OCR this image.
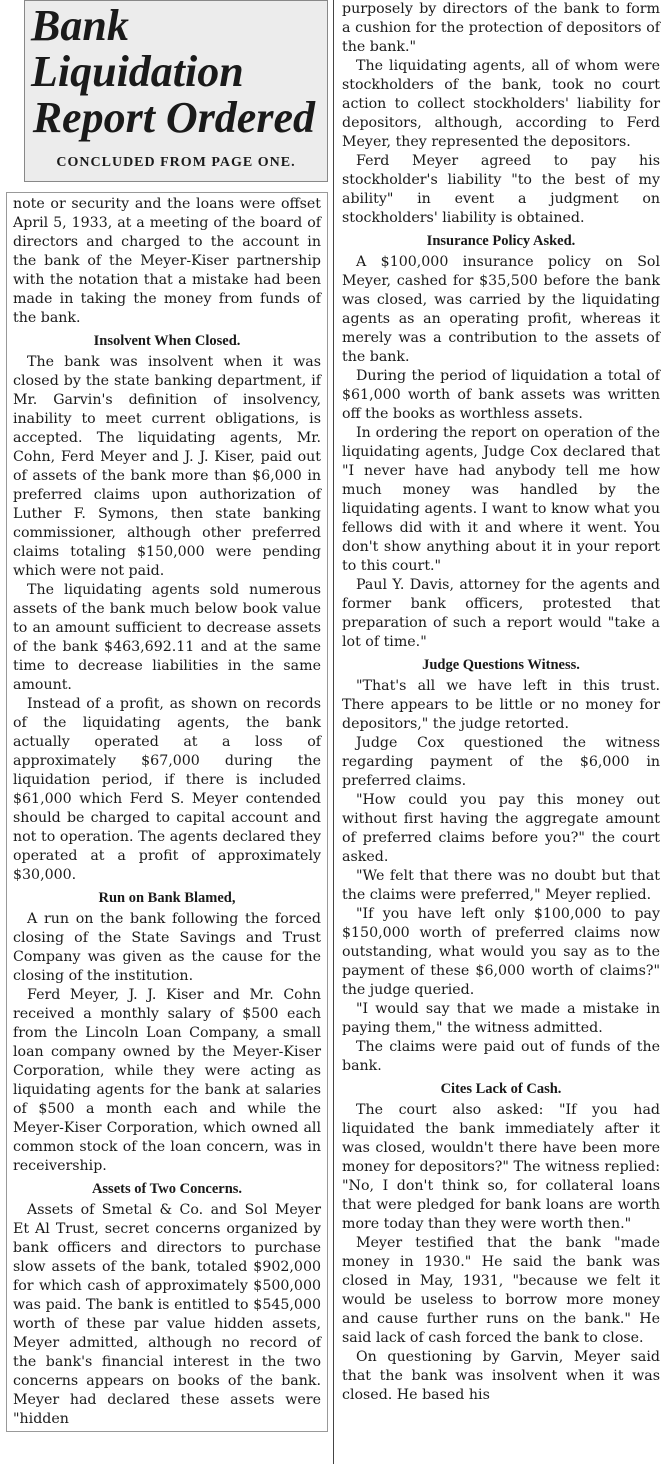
Bank Liquidation
Report Ordered
CONCLUDED FROM PAGE ONE.

note or security and the loans were offset April 5, 1933, at a meeting of the board of directors and charged to the account in the bank of the Meyer-Kiser partnership with the notation that a mistake had been made in taking the money from funds of the bank.

Insolvent When Closed.

The bank was insolvent when it was closed by the state banking department, if Mr. Garvin's definition of insolvency, inability to meet current obligations, is accepted. The liquidating agents, Mr. Cohn, Ferd Meyer and J. J. Kiser, paid out of assets of the bank more than $6,000 in preferred claims upon authorization of Luther F. Symons, then state banking commissioner, although other preferred claims totaling $150,000 were pending which were not paid.

The liquidating agents sold numerous assets of the bank much below book value to an amount sufficient to decrease assets of the bank $463,692.11 and at the same time to decrease liabilities in the same amount.

Instead of a profit, as shown on records of the liquidating agents, the bank actually operated at a loss of approximately $67,000 during the liquidation period, if there is included $61,000 which Ferd S. Meyer contended should be charged to capital account and not to operation. The agents declared they operated at a profit of approximately $30,000.

Run on Bank Blamed,

A run on the bank following the forced closing of the State Savings and Trust Company was given as the cause for the closing of the institution.

Ferd Meyer, J. J. Kiser and Mr. Cohn received a monthly salary of $500 each from the Lincoln Loan Company, a small loan company owned by the Meyer-Kiser Corporation, while they were acting as liquidating agents for the bank at salaries of $500 a month each and while the Meyer-Kiser Corporation, which owned all common stock of the loan concern, was in receivership.

Assets of Two Concerns.

Assets of Smetal & Co. and Sol Meyer Et Al Trust, secret concerns organized by bank officers and directors to purchase slow assets of the bank, totaled $902,000 for which cash of approximately $500,000 was paid. The bank is entitled to $545,000 worth of these par value hidden assets, Meyer admitted, although no record of the bank's financial interest in the two concerns appears on books of the bank. Meyer had declared these assets were "hidden

purposely by directors of the bank to form a cushion for the protection of depositors of the bank."

The liquidating agents, all of whom were stockholders of the bank, took no court action to collect stockholders' liability for depositors, although, according to Ferd Meyer, they represented the depositors.

Ferd Meyer agreed to pay his stockholder's liability "to the best of my ability" in event a judgment on stockholders' liability is obtained.

Insurance Policy Asked.

A $100,000 insurance policy on Sol Meyer, cashed for $35,500 before the bank was closed, was carried by the liquidating agents as an operating profit, whereas it merely was a contribution to the assets of the bank.

During the period of liquidation a total of $61,000 worth of bank assets was written off the books as worthless assets.

In ordering the report on operation of the liquidating agents, Judge Cox declared that "I never have had anybody tell me how much money was handled by the liquidating agents. I want to know what you fellows did with it and where it went. You don't show anything about it in your report to this court."

Paul Y. Davis, attorney for the agents and former bank officers, protested that preparation of such a report would "take a lot of time."

Judge Questions Witness.

"That's all we have left in this trust. There appears to be little or no money for depositors," the judge retorted.

Judge Cox questioned the witness regarding payment of the $6,000 in preferred claims.

"How could you pay this money out without first having the aggregate amount of preferred claims before you?" the court asked.

"We felt that there was no doubt but that the claims were preferred," Meyer replied.

"If you have left only $100,000 to pay $150,000 worth of preferred claims now outstanding, what would you say as to the payment of these $6,000 worth of claims?" the judge queried.

"I would say that we made a mistake in paying them," the witness admitted.

The claims were paid out of funds of the bank.

Cites Lack of Cash.

The court also asked: "If you had liquidated the bank immediately after it was closed, wouldn't there have been more money for depositors?" The witness replied: "No, I don't think so, for collateral loans that were pledged for bank loans are worth more today than they were worth then."

Meyer testified that the bank "made money in 1930." He said the bank was closed in May, 1931, "because we felt it would be useless to borrow more money and cause further runs on the bank." He said lack of cash forced the bank to close.

On questioning by Garvin, Meyer said that the bank was insolvent when it was closed. He based his
